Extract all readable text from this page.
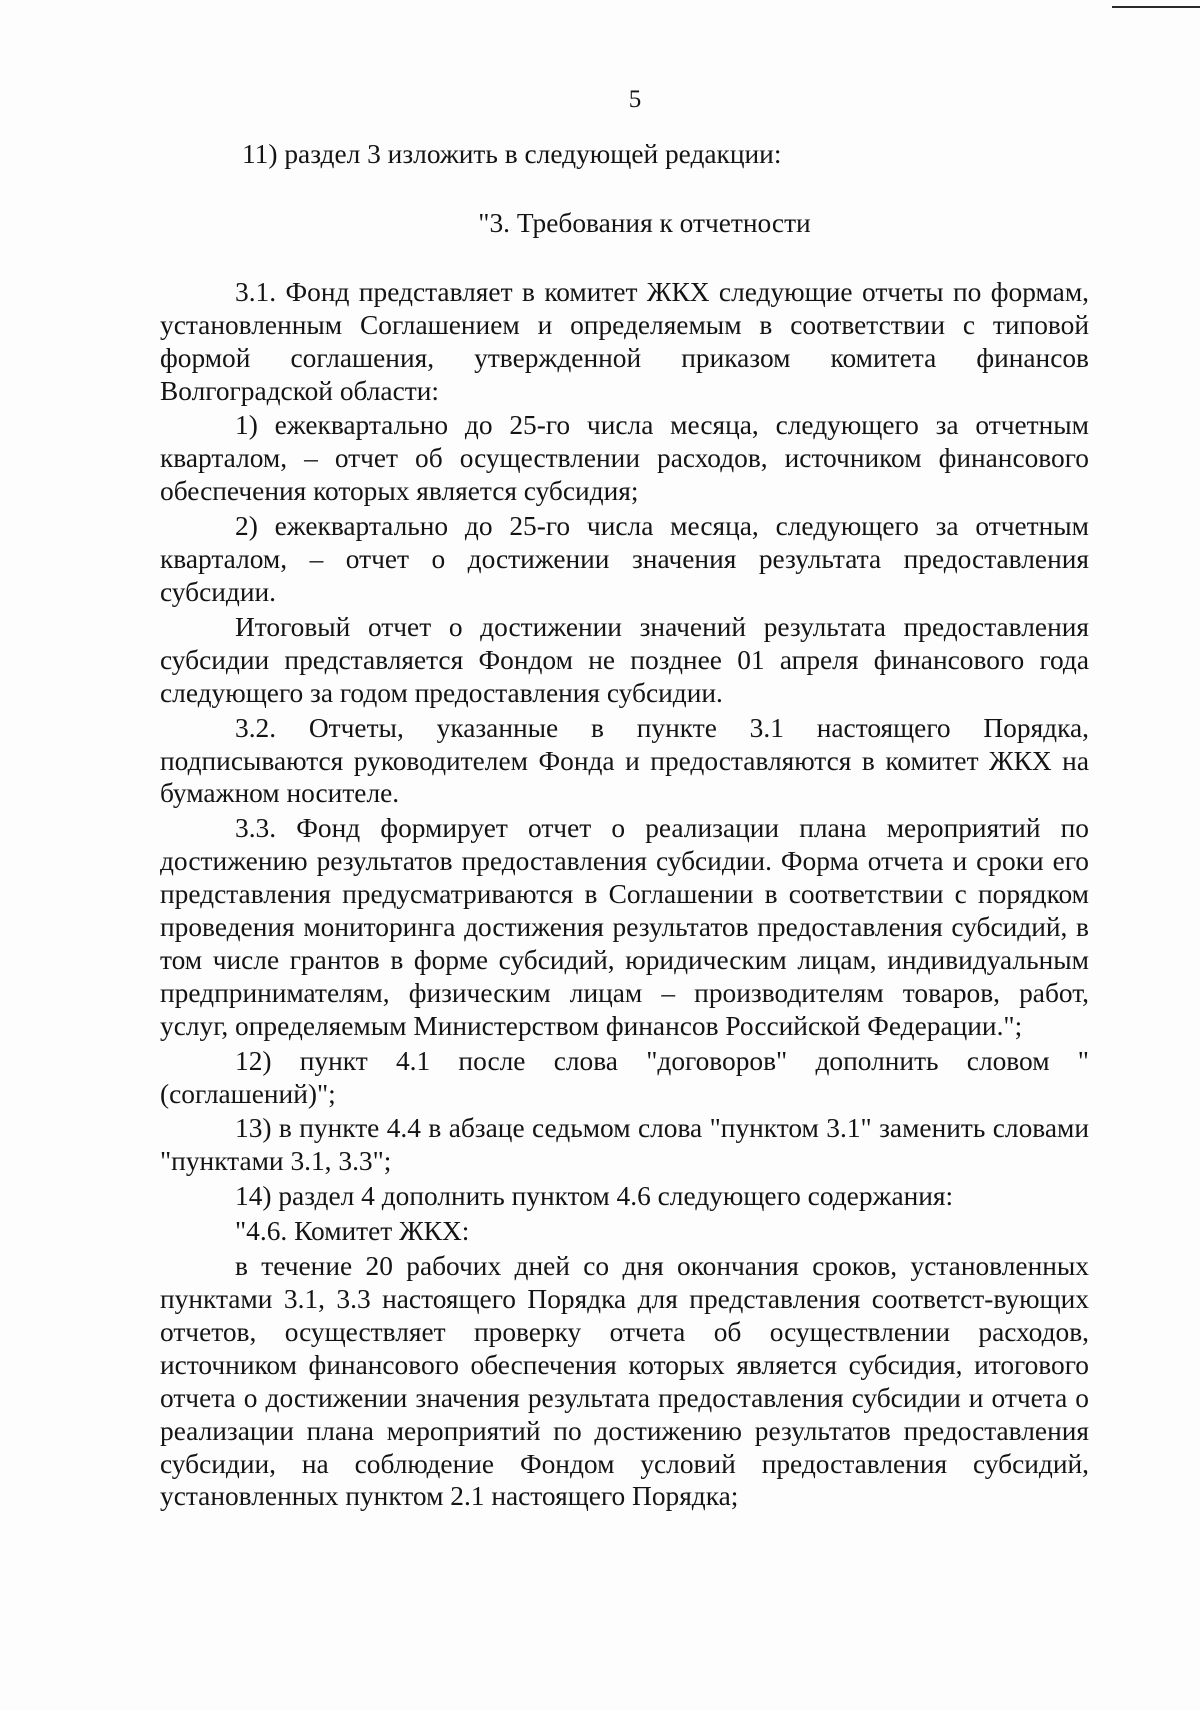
5

11) раздел 3 изложить в следующей редакции:

"3. Требования к отчетности

3.1. Фонд представляет в комитет ЖКХ следующие отчеты по формам, установленным Соглашением и определяемым в соответствии с типовой формой соглашения, утвержденной приказом комитета финансов Волгоградской области:

1) ежеквартально до 25-го числа месяца, следующего за отчетным кварталом, – отчет об осуществлении расходов, источником финансового обеспечения которых является субсидия;

2) ежеквартально до 25-го числа месяца, следующего за отчетным кварталом, – отчет о достижении значения результата предоставления субсидии.

Итоговый отчет о достижении значений результата предоставления субсидии представляется Фондом не позднее 01 апреля финансового года следующего за годом предоставления субсидии.

3.2. Отчеты, указанные в пункте 3.1 настоящего Порядка, подписываются руководителем Фонда и предоставляются в комитет ЖКХ на бумажном носителе.

3.3. Фонд формирует отчет о реализации плана мероприятий по достижению результатов предоставления субсидии. Форма отчета и сроки его представления предусматриваются в Соглашении в соответствии с порядком проведения мониторинга достижения результатов предоставления субсидий, в том числе грантов в форме субсидий, юридическим лицам, индивидуальным предпринимателям, физическим лицам – производителям товаров, работ, услуг, определяемым Министерством финансов Российской Федерации.";

12) пункт 4.1 после слова "договоров" дополнить словом "(соглашений)";

13) в пункте 4.4 в абзаце седьмом слова "пунктом 3.1" заменить словами "пунктами 3.1, 3.3";

14) раздел 4 дополнить пунктом 4.6 следующего содержания:

"4.6. Комитет ЖКХ:

в течение 20 рабочих дней со дня окончания сроков, установленных пунктами 3.1, 3.3 настоящего Порядка для представления соответст-вующих отчетов, осуществляет проверку отчета об осуществлении расходов, источником финансового обеспечения которых является субсидия, итогового отчета о достижении значения результата предоставления субсидии и отчета о реализации плана мероприятий по достижению результатов предоставления субсидии, на соблюдение Фондом условий предоставления субсидий, установленных пунктом 2.1 настоящего Порядка;
